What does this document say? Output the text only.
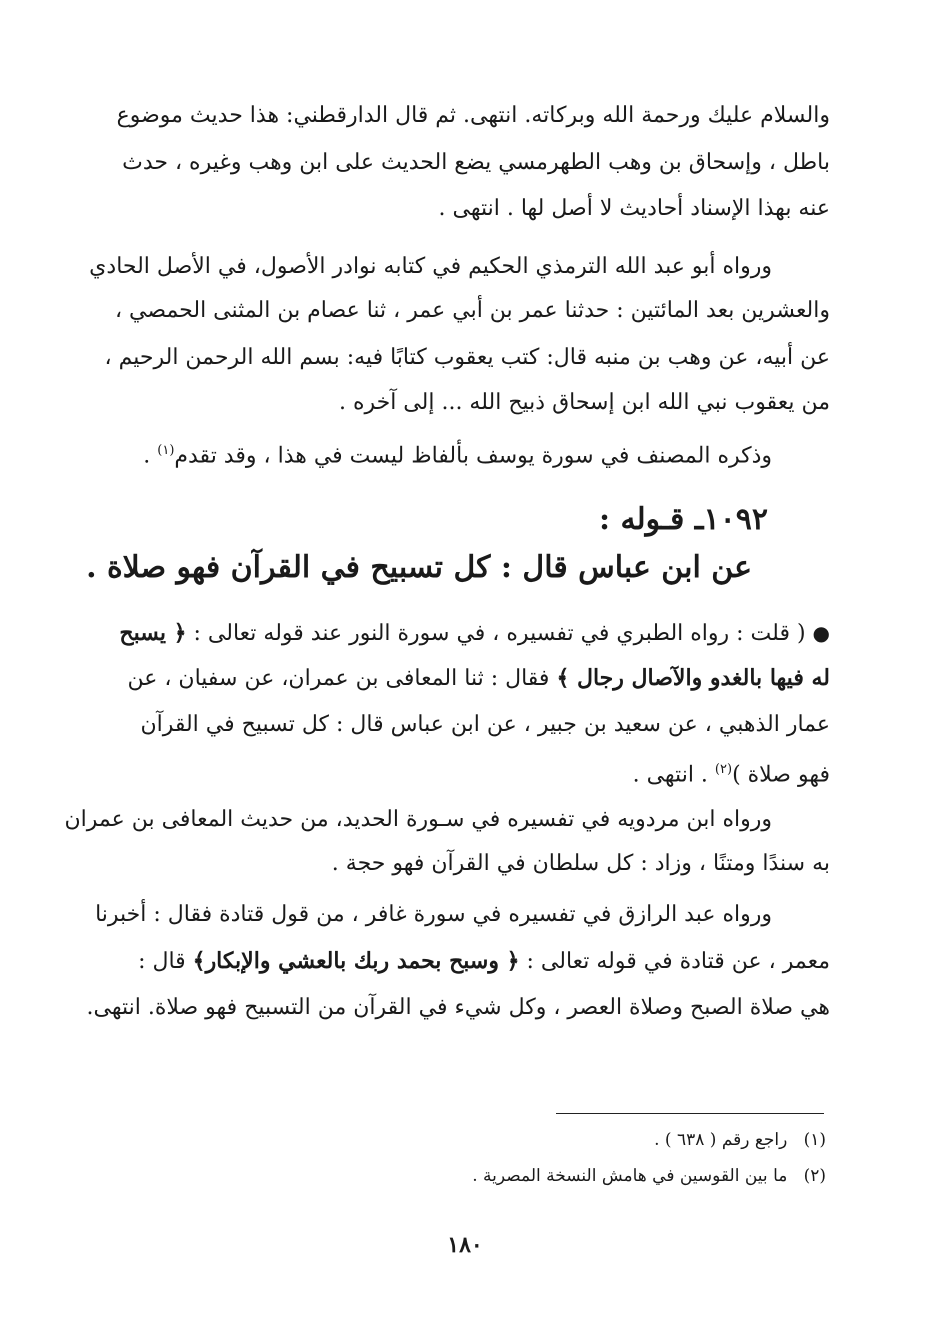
والسلام عليك ورحمة الله وبركاته. انتهى. ثم قال الدارقطني: هذا حديث موضوع
باطل ، وإسحاق بن وهب الطهرمسي يضع الحديث على ابن وهب وغيره ، حدث
عنه بهذا الإسناد أحاديث لا أصل لها . انتهى .
ورواه أبو عبد الله الترمذي الحكيم في كتابه نوادر الأصول، في الأصل الحادي
والعشرين بعد المائتين : حدثنا عمر بن أبي عمر ، ثنا عصام بن المثنى الحمصي ،
عن أبيه، عن وهب بن منبه قال: كتب يعقوب كتابًا فيه: بسم الله الرحمن الرحيم ،
من يعقوب نبي الله ابن إسحاق ذبيح الله ... إلى آخره .
وذكره المصنف في سورة يوسف بألفاظ ليست في هذا ، وقد تقدم$^{(١)}$ .
١٠٩٢ـ قـوله :
عن ابن عباس قال : كل تسبيح في القرآن فهو صلاة .
● ( قلت : رواه الطبري في تفسيره ، في سورة النور عند قوله تعالى : ﴿ يسبح
له فيها بالغدو والآصال رجال ﴾ فقال : ثنا المعافى بن عمران، عن سفيان ، عن
عمار الذهبي ، عن سعيد بن جبير ، عن ابن عباس قال : كل تسبيح في القرآن
فهو صلاة )$^{(٢)}$ . انتهى .
ورواه ابن مردويه في تفسيره في سـورة الحديد، من حديث المعافى بن عمران
به سندًا ومتنًا ، وزاد : كل سلطان في القرآن فهو حجة .
ورواه عبد الرازق في تفسيره في سورة غافر ، من قول قتادة فقال : أخبرنا
معمر ، عن قتادة في قوله تعالى : ﴿ وسبح بحمد ربك بالعشي والإبكار﴾ قال :
هي صلاة الصبح وصلاة العصر ، وكل شيء في القرآن من التسبيح فهو صلاة. انتهى.
(١)   راجع رقم ( ٦٣٨ ) .
(٢)   ما بين القوسين في هامش النسخة المصرية .
١٨٠
